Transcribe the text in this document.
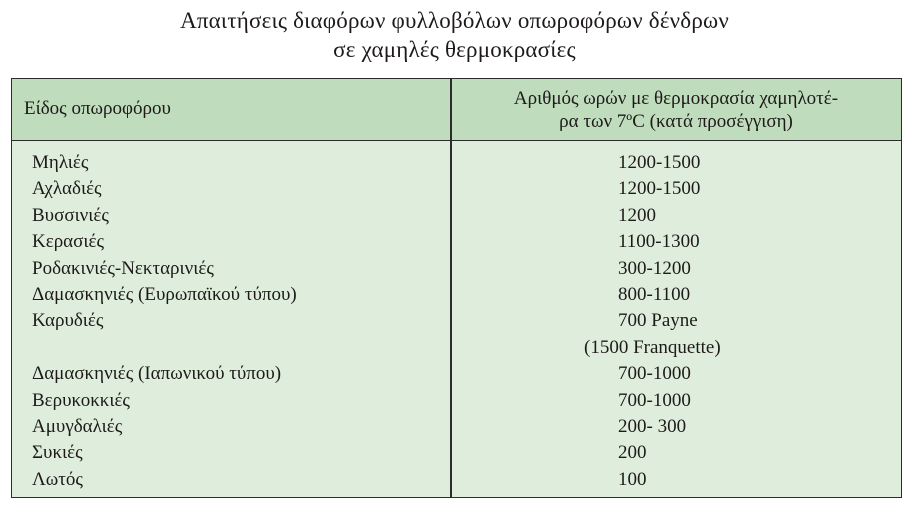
Απαιτήσεις διαφόρων φυλλοβόλων οπωροφόρων δένδρων
σε χαμηλές θερμοκρασίες
Είδος οπωροφόρου	Αριθμός ωρών με θερμοκρασία χαμηλοτέ-
ρα των 7ºC (κατά προσέγγιση)
Μηλιές	1200-1500
Αχλαδιές	1200-1500
Βυσσινιές	1200
Κερασιές	1100-1300
Ροδακινιές-Νεκταρινιές	300-1200
Δαμασκηνιές (Ευρωπαϊκού τύπου)	800-1100
Καρυδιές	700 Payne
(1500 Franquette)
Δαμασκηνιές (Ιαπωνικού τύπου)	700-1000
Βερυκοκκιές	700-1000
Αμυγδαλιές	200- 300
Συκιές	200
Λωτός	100
